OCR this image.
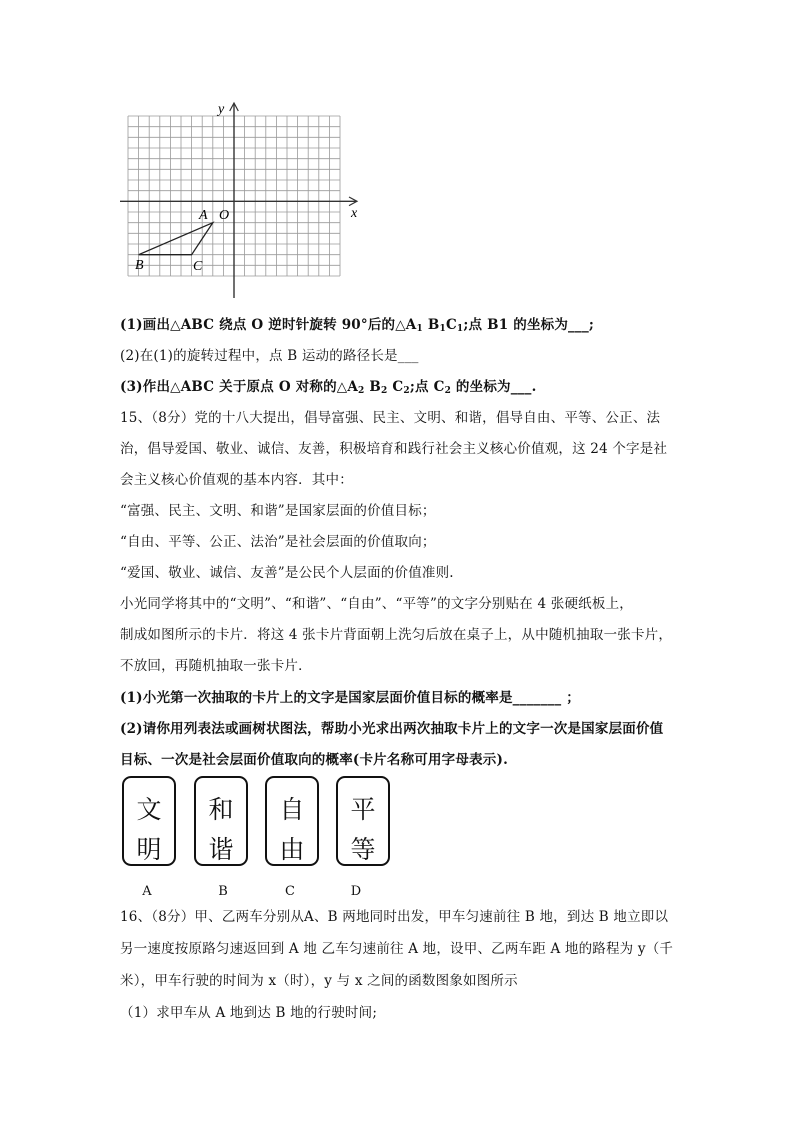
y
x
O
A
B	C
(1)画出△ABC 绕点 O 逆时针旋转 90°后的$\triangle A_1$ $B_1C_1$;点 B1 的坐标为___;
(2)在(1)的旋转过程中，点 B 运动的路径长是___
(3)作出△ABC 关于原点 O 对称的$\triangle A_2$ $B_2$ $C_2$;点 $C_2$ 的坐标为___.
15、（8分）党的十八大提出，倡导富强、民主、文明、和谐，倡导自由、平等、公正、法
治，倡导爱国、敬业、诚信、友善，积极培育和践行社会主义核心价值观，这 24 个字是社
会主义核心价值观的基本内容．其中：
“富强、民主、文明、和谐”是国家层面的价值目标；
“自由、平等、公正、法治”是社会层面的价值取向；
“爱国、敬业、诚信、友善”是公民个人层面的价值准则.
小光同学将其中的“文明”、“和谐”、“自由”、“平等”的文字分别贴在 4 张硬纸板上，
制成如图所示的卡片．将这 4 张卡片背面朝上洗匀后放在桌子上，从中随机抽取一张卡片，
不放回，再随机抽取一张卡片．
(1)小光第一次抽取的卡片上的文字是国家层面价值目标的概率是_______ ；
(2)请你用列表法或画树状图法，帮助小光求出两次抽取卡片上的文字一次是国家层面价值
目标、一次是社会层面价值取向的概率(卡片名称可用字母表示).
文
明
和
谐
自
由
平
等
A	B	C	D
16、（8分）甲、乙两车分别从A、B 两地同时出发，甲车匀速前往 B 地，到达 B 地立即以
另一速度按原路匀速返回到 A 地 乙车匀速前往 A 地，设甲、乙两车距 A 地的路程为 y（千
米），甲车行驶的时间为 x（时），y 与 x 之间的函数图象如图所示
（1）求甲车从 A 地到达 B 地的行驶时间;
